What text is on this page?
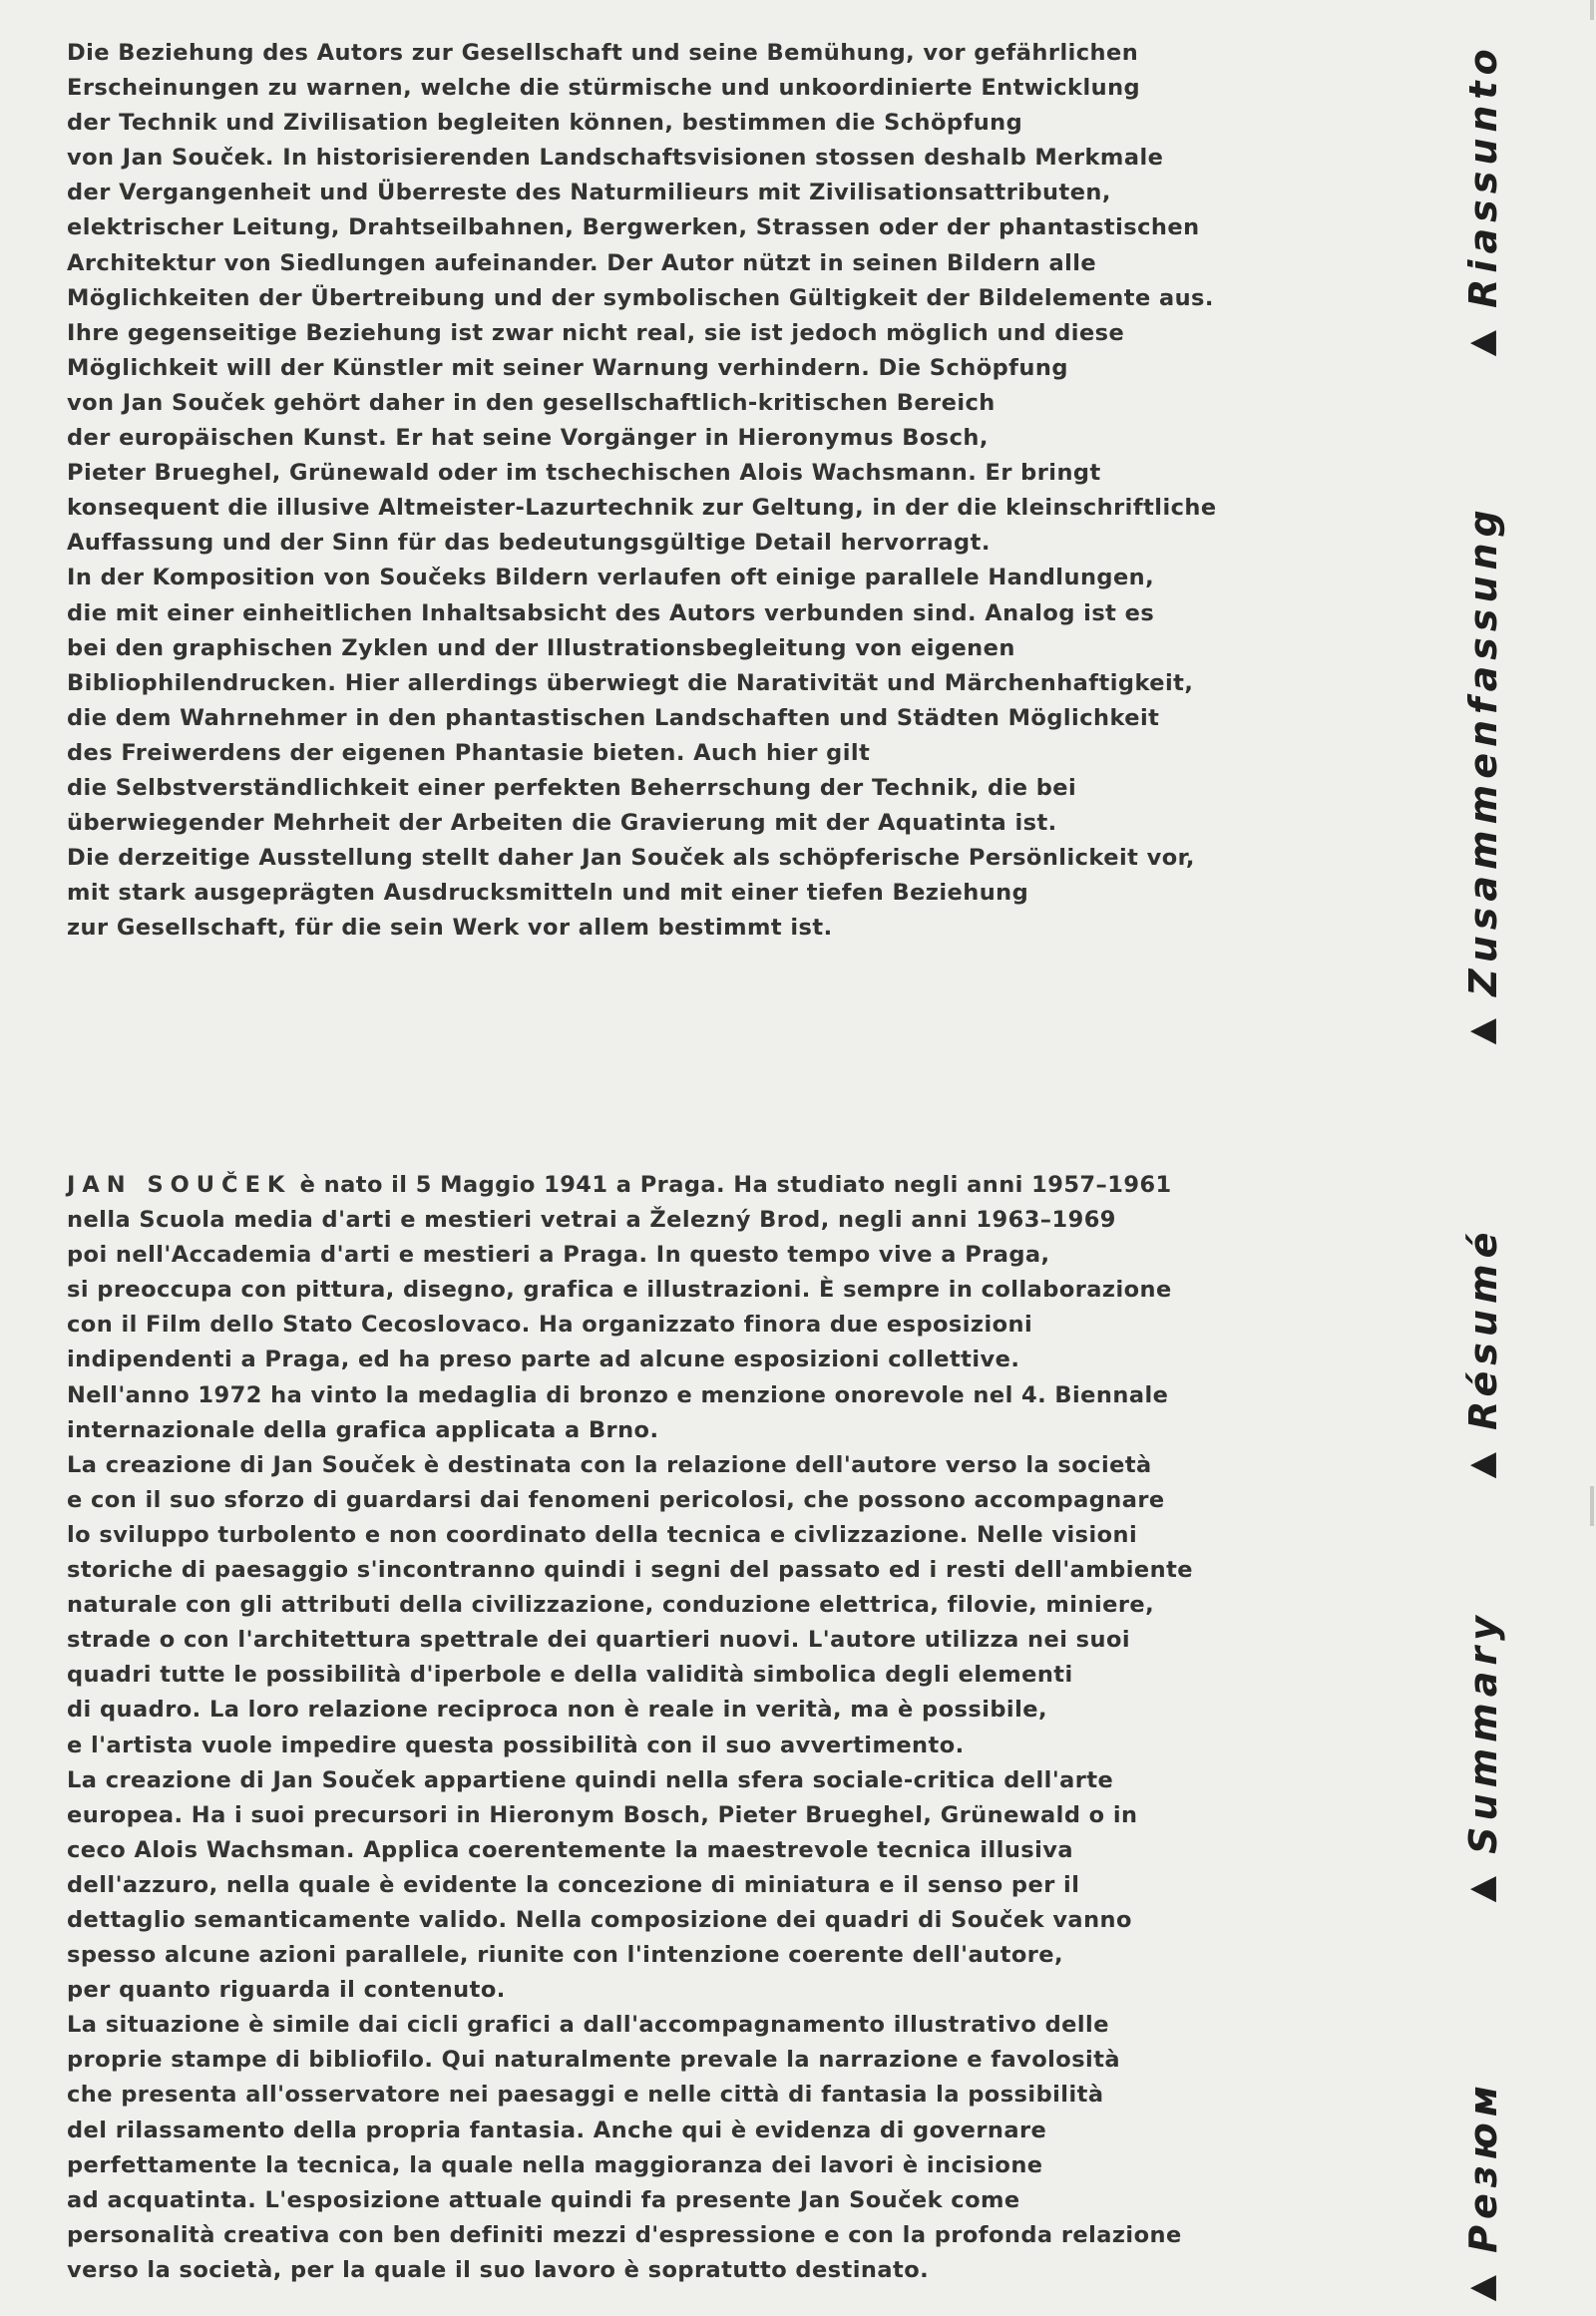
Die Beziehung des Autors zur Gesellschaft und seine Bemühung, vor gefährlichen
Erscheinungen zu warnen, welche die stürmische und unkoordinierte Entwicklung
der Technik und Zivilisation begleiten können, bestimmen die Schöpfung
von Jan Souček. In historisierenden Landschaftsvisionen stossen deshalb Merkmale
der Vergangenheit und Überreste des Naturmilieurs mit Zivilisationsattributen,
elektrischer Leitung, Drahtseilbahnen, Bergwerken, Strassen oder der phantastischen
Architektur von Siedlungen aufeinander. Der Autor nützt in seinen Bildern alle
Möglichkeiten der Übertreibung und der symbolischen Gültigkeit der Bildelemente aus.
Ihre gegenseitige Beziehung ist zwar nicht real, sie ist jedoch möglich und diese
Möglichkeit will der Künstler mit seiner Warnung verhindern. Die Schöpfung
von Jan Souček gehört daher in den gesellschaftlich-kritischen Bereich
der europäischen Kunst. Er hat seine Vorgänger in Hieronymus Bosch,
Pieter Brueghel, Grünewald oder im tschechischen Alois Wachsmann. Er bringt
konsequent die illusive Altmeister-Lazurtechnik zur Geltung, in der die kleinschriftliche
Auffassung und der Sinn für das bedeutungsgültige Detail hervorragt.
In der Komposition von Součeks Bildern verlaufen oft einige parallele Handlungen,
die mit einer einheitlichen Inhaltsabsicht des Autors verbunden sind. Analog ist es
bei den graphischen Zyklen und der Illustrationsbegleitung von eigenen
Bibliophilendrucken. Hier allerdings überwiegt die Narativität und Märchenhaftigkeit,
die dem Wahrnehmer in den phantastischen Landschaften und Städten Möglichkeit
des Freiwerdens der eigenen Phantasie bieten. Auch hier gilt
die Selbstverständlichkeit einer perfekten Beherrschung der Technik, die bei
überwiegender Mehrheit der Arbeiten die Gravierung mit der Aquatinta ist.
Die derzeitige Ausstellung stellt daher Jan Souček als schöpferische Persönlickeit vor,
mit stark ausgeprägten Ausdrucksmitteln und mit einer tiefen Beziehung
zur Gesellschaft, für die sein Werk vor allem bestimmt ist.
JAN SOUČEK è nato il 5 Maggio 1941 a Praga. Ha studiato negli anni 1957–1961
nella Scuola media d'arti e mestieri vetrai a Železný Brod, negli anni 1963–1969
poi nell'Accademia d'arti e mestieri a Praga. In questo tempo vive a Praga,
si preoccupa con pittura, disegno, grafica e illustrazioni. È sempre in collaborazione
con il Film dello Stato Cecoslovaco. Ha organizzato finora due esposizioni
indipendenti a Praga, ed ha preso parte ad alcune esposizioni collettive.
Nell'anno 1972 ha vinto la medaglia di bronzo e menzione onorevole nel 4. Biennale
internazionale della grafica applicata a Brno.
La creazione di Jan Souček è destinata con la relazione dell'autore verso la società
e con il suo sforzo di guardarsi dai fenomeni pericolosi, che possono accompagnare
lo sviluppo turbolento e non coordinato della tecnica e civlizzazione. Nelle visioni
storiche di paesaggio s'incontranno quindi i segni del passato ed i resti dell'ambiente
naturale con gli attributi della civilizzazione, conduzione elettrica, filovie, miniere,
strade o con l'architettura spettrale dei quartieri nuovi. L'autore utilizza nei suoi
quadri tutte le possibilità d'iperbole e della validità simbolica degli elementi
di quadro. La loro relazione reciproca non è reale in verità, ma è possibile,
e l'artista vuole impedire questa possibilità con il suo avvertimento.
La creazione di Jan Souček appartiene quindi nella sfera sociale-critica dell'arte
europea. Ha i suoi precursori in Hieronym Bosch, Pieter Brueghel, Grünewald o in
ceco Alois Wachsman. Applica coerentemente la maestrevole tecnica illusiva
dell'azzuro, nella quale è evidente la concezione di miniatura e il senso per il
dettaglio semanticamente valido. Nella composizione dei quadri di Souček vanno
spesso alcune azioni parallele, riunite con l'intenzione coerente dell'autore,
per quanto riguarda il contenuto.
La situazione è simile dai cicli grafici a dall'accompagnamento illustrativo delle
proprie stampe di bibliofilo. Qui naturalmente prevale la narrazione e favolosità
che presenta all'osservatore nei paesaggi e nelle città di fantasia la possibilità
del rilassamento della propria fantasia. Anche qui è evidenza di governare
perfettamente la tecnica, la quale nella maggioranza dei lavori è incisione
ad acquatinta. L'esposizione attuale quindi fa presente Jan Souček come
personalità creativa con ben definiti mezzi d'espressione e con la profonda relazione
verso la società, per la quale il suo lavoro è sopratutto destinato.
◀
Riassunto
◀
Zusammenfassung
◀
Résumé
◀
Summary
◀
Резюм
